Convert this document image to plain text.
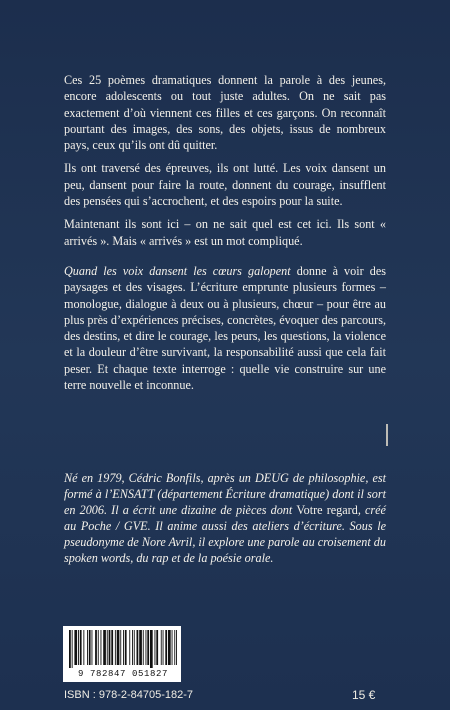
Ces 25 poèmes dramatiques donnent la parole à des jeunes, encore adolescents ou tout juste adultes. On ne sait pas exactement d’où viennent ces filles et ces garçons. On reconnaît pourtant des images, des sons, des objets, issus de nombreux pays, ceux qu’ils ont dû quitter.

Ils ont traversé des épreuves, ils ont lutté. Les voix dansent un peu, dansent pour faire la route, donnent du courage, insufflent des pensées qui s’accrochent, et des espoirs pour la suite.

Maintenant ils sont ici – on ne sait quel est cet ici. Ils sont « arrivés ». Mais « arrivés » est un mot compliqué.

Quand les voix dansent les cœurs galopent donne à voir des paysages et des visages. L’écriture emprunte plusieurs formes – monologue, dialogue à deux ou à plusieurs, chœur – pour être au plus près d’expériences précises, concrètes, évoquer des parcours, des destins, et dire le courage, les peurs, les questions, la violence et la douleur d’être survivant, la responsabilité aussi que cela fait peser. Et chaque texte interroge : quelle vie construire sur une terre nouvelle et inconnue.

Né en 1979, Cédric Bonfils, après un DEUG de philosophie, est formé à l’ENSATT (département Écriture dramatique) dont il sort en 2006. Il a écrit une dizaine de pièces dont Votre regard, créé au Poche / GVE. Il anime aussi des ateliers d’écriture. Sous le pseudonyme de Nore Avril, il explore une parole au croisement du spoken words, du rap et de la poésie orale.
9 782847 051827
ISBN : 978-2-84705-182-7	15 €
